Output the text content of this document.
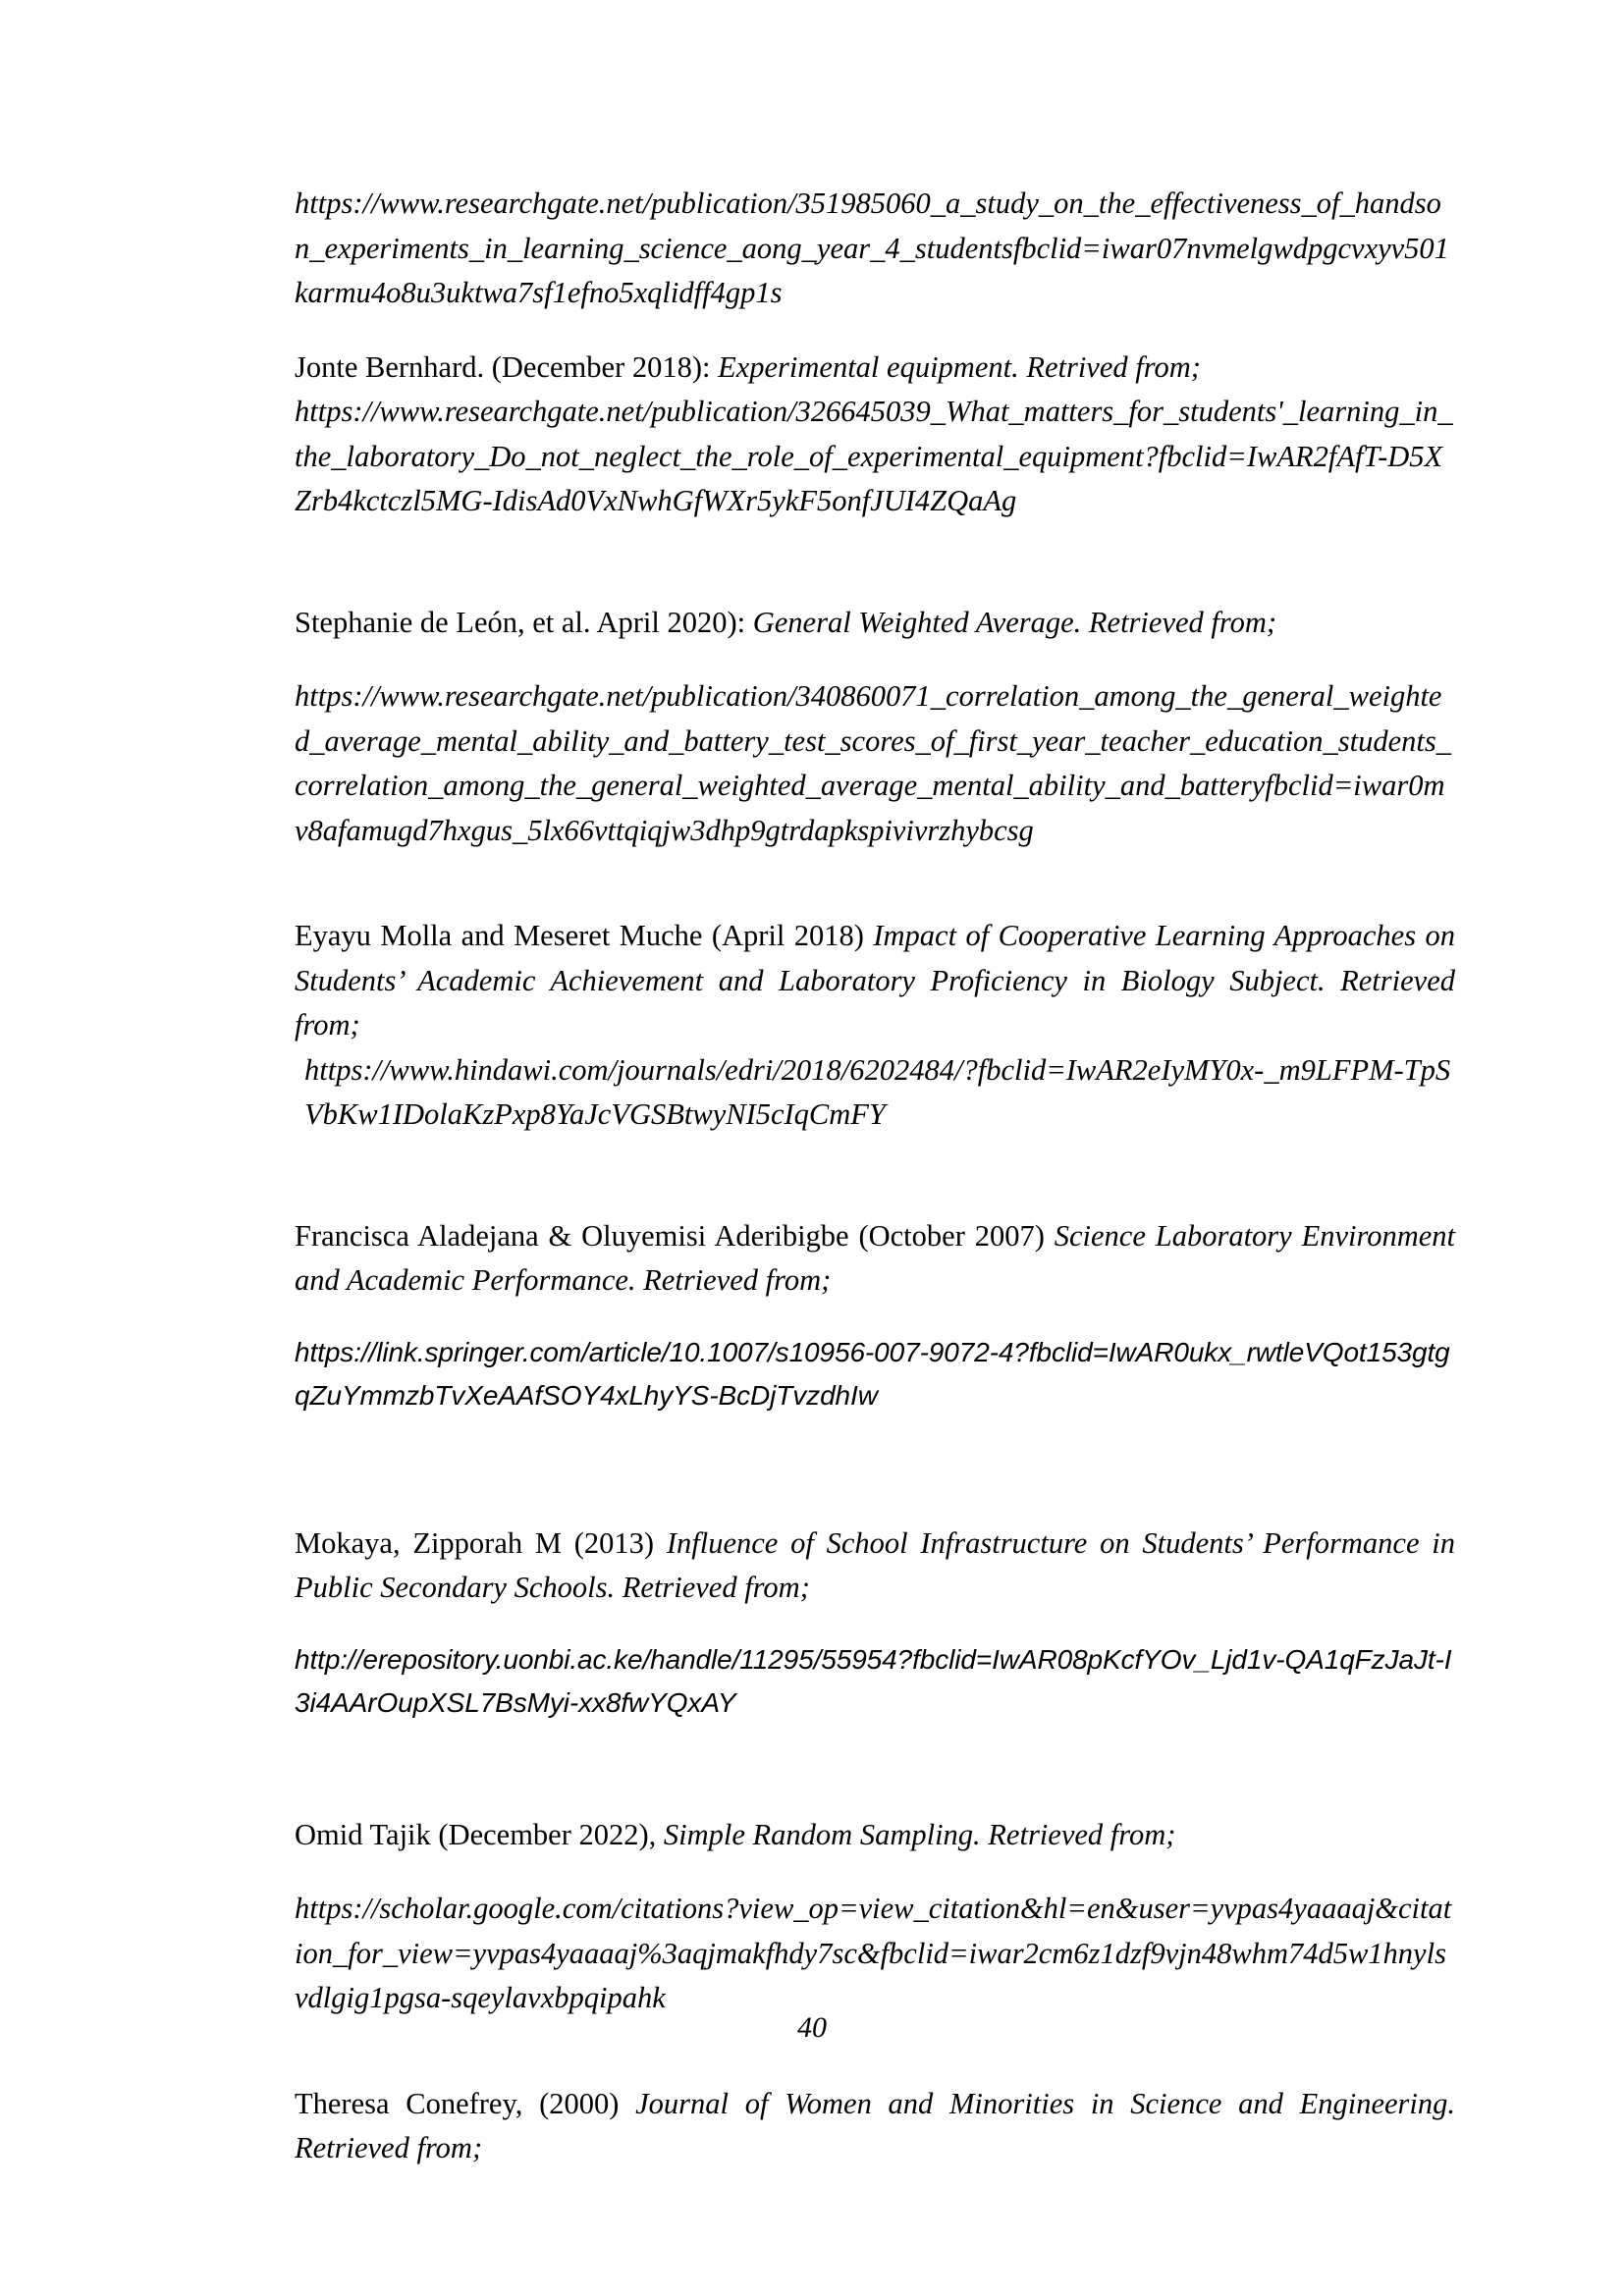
https://www.researchgate.net/publication/351985060_a_study_on_the_effectiveness_of_handson_experiments_in_learning_science_aong_year_4_studentsfbclid=iwar07nvmelgwdpgcvxyv501karmu4o8u3uktwa7sf1efno5xqlidff4gp1s

Jonte Bernhard. (December 2018): Experimental equipment. Retrived from;

https://www.researchgate.net/publication/326645039_What_matters_for_students'_learning_in_the_laboratory_Do_not_neglect_the_role_of_experimental_equipment?fbclid=IwAR2fAfT-D5XZrb4kctczl5MG-IdisAd0VxNwhGfWXr5ykF5onfJUI4ZQaAg

Stephanie de León, et al. April 2020): General Weighted Average. Retrieved from;

https://www.researchgate.net/publication/340860071_correlation_among_the_general_weighted_average_mental_ability_and_battery_test_scores_of_first_year_teacher_education_students_correlation_among_the_general_weighted_average_mental_ability_and_batteryfbclid=iwar0mv8afamugd7hxgus_5lx66vttqiqjw3dhp9gtrdapkspivivrzhybcsg

Eyayu Molla and Meseret Muche (April 2018) Impact of Cooperative Learning Approaches on Students’ Academic Achievement and Laboratory Proficiency in Biology Subject. Retrieved from;

https://www.hindawi.com/journals/edri/2018/6202484/?fbclid=IwAR2eIyMY0x-_m9LFPM-TpSVbKw1IDolaKzPxp8YaJcVGSBtwyNI5cIqCmFY

Francisca Aladejana & Oluyemisi Aderibigbe (October 2007) Science Laboratory Environment and Academic Performance. Retrieved from;

https://link.springer.com/article/10.1007/s10956-007-9072-4?fbclid=IwAR0ukx_rwtleVQot153gtgqZuYmmzbTvXeAAfSOY4xLhyYS-BcDjTvzdhIw

Mokaya, Zipporah M (2013) Influence of School Infrastructure on Students’ Performance in Public Secondary Schools. Retrieved from;

http://erepository.uonbi.ac.ke/handle/11295/55954?fbclid=IwAR08pKcfYOv_Ljd1v-QA1qFzJaJt-I3i4AArOupXSL7BsMyi-xx8fwYQxAY

Omid Tajik (December 2022), Simple Random Sampling. Retrieved from;

https://scholar.google.com/citations?view_op=view_citation&hl=en&user=yvpas4yaaaaj&citation_for_view=yvpas4yaaaaj%3aqjmakfhdy7sc&fbclid=iwar2cm6z1dzf9vjn48whm74d5w1hnylsvdlgig1pgsa-sqeylavxbpqipahk

Theresa Conefrey, (2000) Journal of Women and Minorities in Science and Engineering. Retrieved from;

40
